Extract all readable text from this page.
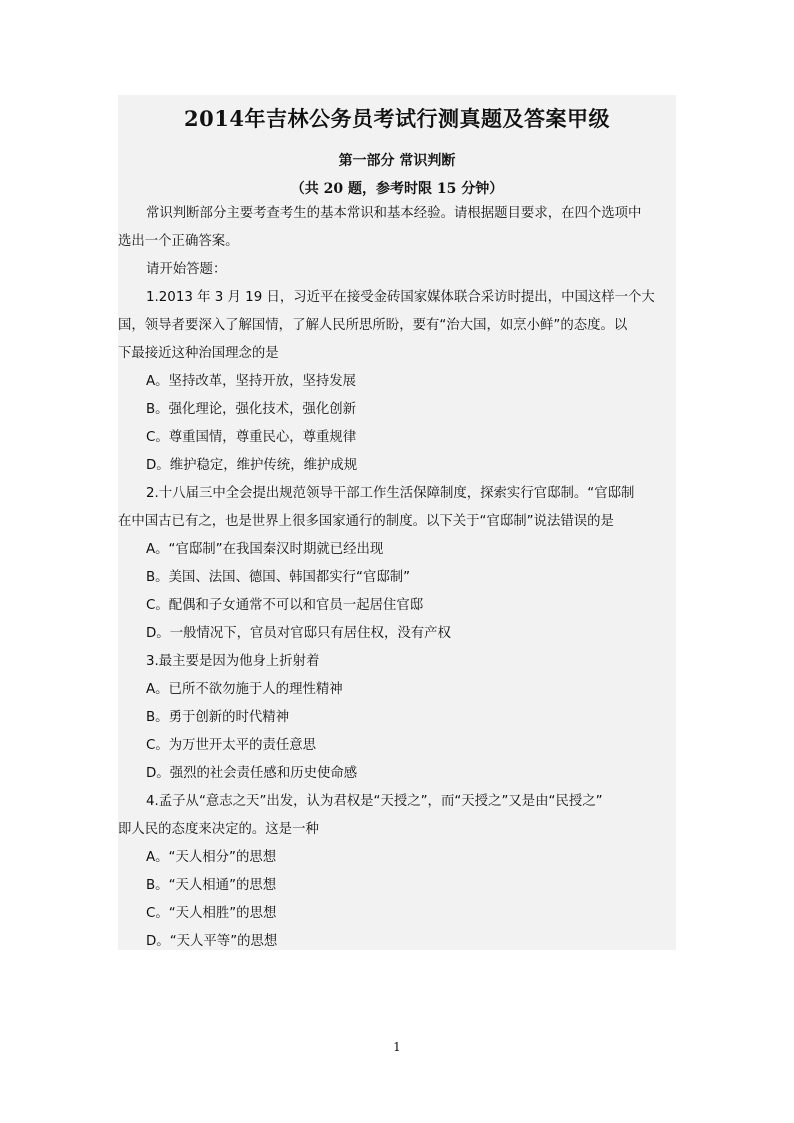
2014年吉林公务员考试行测真题及答案甲级
第一部分 常识判断
（共 20 题，参考时限 15 分钟）
常识判断部分主要考查考生的基本常识和基本经验。请根据题目要求，在四个选项中
选出一个正确答案。
请开始答题：
1.2013 年 3 月 19 日，习近平在接受金砖国家媒体联合采访时提出，中国这样一个大
国，领导者要深入了解国情，了解人民所思所盼，要有“治大国，如烹小鲜”的态度。以
下最接近这种治国理念的是
A。坚持改革，坚持开放，坚持发展
B。强化理论，强化技术，强化创新
C。尊重国情，尊重民心，尊重规律
D。维护稳定，维护传统，维护成规
2.十八届三中全会提出规范领导干部工作生活保障制度，探索实行官邸制。“官邸制
在中国古已有之，也是世界上很多国家通行的制度。以下关于“官邸制”说法错误的是
A。“官邸制”在我国秦汉时期就已经出现
B。美国、法国、德国、韩国都实行“官邸制”
C。配偶和子女通常不可以和官员一起居住官邸
D。一般情况下，官员对官邸只有居住权，没有产权
3.最主要是因为他身上折射着
A。已所不欲勿施于人的理性精神
B。勇于创新的时代精神
C。为万世开太平的责任意思
D。强烈的社会责任感和历史使命感
4.孟子从“意志之天”出发，认为君权是“天授之”，而“天授之”又是由“民授之”
即人民的态度来决定的。这是一种
A。“天人相分”的思想
B。“天人相通”的思想
C。“天人相胜”的思想
D。“天人平等”的思想
1
